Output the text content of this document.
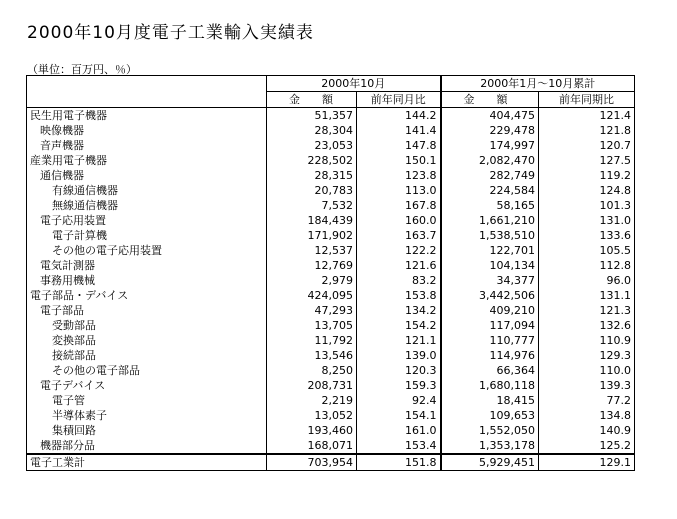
2000年10月度電子工業輸入実績表
（単位：百万円、％）
	2000年10月		2000年1月～10月累計	
	金　　額	前年同月比	金　　額	前年同期比
民生用電子機器	51,357	144.2	404,475	121.4
映像機器	28,304	141.4	229,478	121.8
音声機器	23,053	147.8	174,997	120.7
産業用電子機器	228,502	150.1	2,082,470	127.5
通信機器	28,315	123.8	282,749	119.2
有線通信機器	20,783	113.0	224,584	124.8
無線通信機器	7,532	167.8	58,165	101.3
電子応用装置	184,439	160.0	1,661,210	131.0
電子計算機	171,902	163.7	1,538,510	133.6
その他の電子応用装置	12,537	122.2	122,701	105.5
電気計測器	12,769	121.6	104,134	112.8
事務用機械	2,979	83.2	34,377	96.0
電子部品・デバイス	424,095	153.8	3,442,506	131.1
電子部品	47,293	134.2	409,210	121.3
受動部品	13,705	154.2	117,094	132.6
変換部品	11,792	121.1	110,777	110.9
接続部品	13,546	139.0	114,976	129.3
その他の電子部品	8,250	120.3	66,364	110.0
電子デバイス	208,731	159.3	1,680,118	139.3
電子管	2,219	92.4	18,415	77.2
半導体素子	13,052	154.1	109,653	134.8
集積回路	193,460	161.0	1,552,050	140.9
機器部分品	168,071	153.4	1,353,178	125.2
電子工業計	703,954	151.8	5,929,451	129.1
